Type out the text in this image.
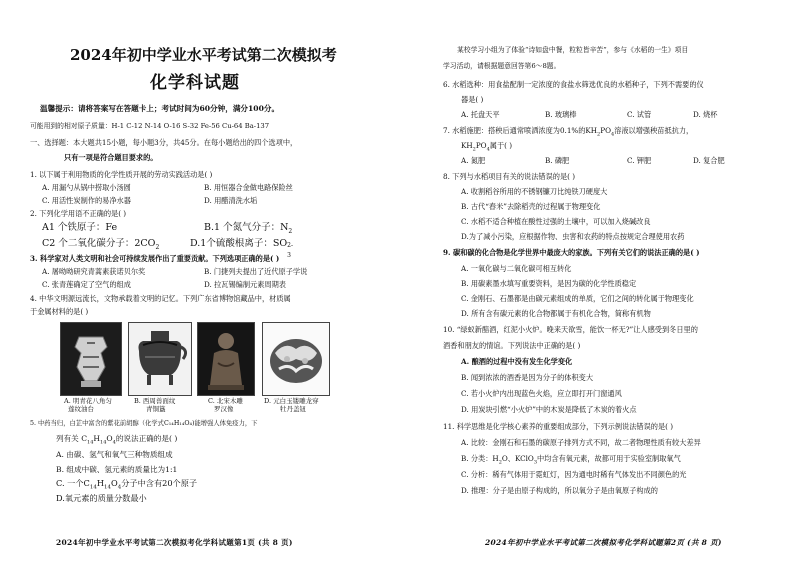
2024年初中学业水平考试第二次模拟考
化学科试题
温馨提示：请将答案写在答题卡上；考试时间为60分钟，满分100分。
可能用到的相对原子质量：H-1 C-12 N-14 O-16 S-32 Fe-56 Cu-64 Ba-137
一、选择题：本大题共15小题，每小题3分，共45分。在每小题给出的四个选项中，
只有一项是符合题目要求的。
1. 以下属于利用物质的化学性质开展的劳动实践活动是( )
A. 用漏勺从锅中捞取小汤圆	B. 用恒器合金做电路保险丝
C. 用活性炭制作的易净水器	D. 用醋清洗水垢
2. 下列化学用语不正确的是( )
A1 个铁原子：Fe	B.1 个氮气分子：$N_2$
C2 个二氧化碳分子：$2CO_2$	D.1个硫酸根离子：SO 2-
3
3. 科学家对人类文明和社会可持续发展作出了重要贡献。下列选项正确的是( )
A. 屠呦呦研究青蒿素获诺贝尔奖	B. 门捷列夫提出了近代原子学说
C. 张青莲确定了空气的组成	D. 拉瓦锡编制元素周期表
4. 中华文明源远流长，文物承载着文明的记忆。下列广东省博物馆藏品中，材质属
于金属材料的是( )
A. 明青花八角匀
莲纹油台
B. 西周兽面纹
青铜簋
C. 北宋木雕
罗汉像
D. 元白玉镂雕龙穿
牡丹盖钮
5. 中药当归，白芷中富含的紫花前胡醇（化学式C₁₄H₁₄O₄)能增强人体免疫力，下
列有关 $C_{14}H_{14}O_4$的说法正确的是( )
A. 由碳、氢气和氧气三种物质组成
B. 组成中碳、氢元素的质量比为1:1
C. 一个$C_{14}H_{14}O_4$分子中含有20个原子
D.氧元素的质量分数最小
2024年初中学业水平考试第二次模拟考化学科试题第1页 (共 8 页)
某校学习小组为了体验“诗如盘中餐，粒粒皆辛苦”，参与《水稻的一生》项目
学习活动，请根据题意回答第6～8题。
6. 水稻选种：用食盐配制一定浓度的食盐水筛选优良的水稻种子，下列不需要的仪
器是( )
A. 托盘天平	B. 玻璃棒	C. 试管	D. 烧杯
7. 水稻施肥：搭秧后通常喷洒浓度为0.1%的$KH_2PO_4$溶液以增强秧苗抵抗力，
$KH_2PO_4$属于( )
A. 氮肥	B. 磷肥	C. 钾肥	D. 复合肥
8. 下列与水稻项目有关的说法错误的是( )
A. 收割稻谷所用的不锈钢镰刀比纯铁刀硬度大
B. 古代“舂米”去除稻壳的过程属于物理变化
C. 水稻不适合种植在酸性过强的土壤中，可以加入烧碱改良
D.为了减小污染，应根据作物、虫害和农药的特点按规定合理使用农药
9. 碳和碳的化合物是化学世界中最庞大的家族。下列有关它们的说法正确的是( )
A. 一氧化碳与二氧化碳可相互转化
B. 用碳素墨水填写重要资料，是因为碳的化学性质稳定
C. 金刚石、石墨都是由碳元素组成的单质，它们之间的转化属于物理变化
D. 所有含有碳元素的化合物都属于有机化合物，简称有机物
10. “绿蚁新醅酒，红泥小火炉。晚来天欲雪，能饮一杯无?”让人感受到冬日里的
酒香和朋友的情谊。下列说法中正确的是( )
A. 酿酒的过程中没有发生化学变化
B. 闻到浓浓的酒香是因为分子的体积变大
C. 若小火炉内出现蓝色火焰，应立即打开门窗通风
D. 用炭块引燃“小火炉”中的木炭是降低了木炭的着火点
11. 科学思维是化学核心素养的重要组成部分，下列示例说法错误的是( )
A. 比较：金刚石和石墨的碳原子排列方式不同，故二者物理性质有较大差异
B. 分类：$H_2O$、KClO$_3$中均含有氧元素，故都可用于实验室制取氧气
C. 分析：稀有气体用于霓虹灯，因为通电时稀有气体发出不同颜色的光
D. 推理：分子是由原子构成的，所以氧分子是由氧原子构成的
2024年初中学业水平考试第二次模拟考化学科试题第2页 (共 8 页)
